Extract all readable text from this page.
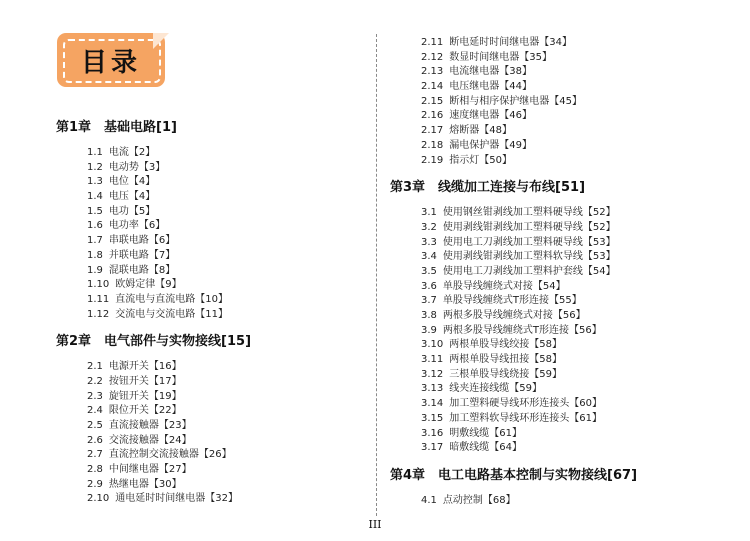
目录
第1章　基础电路[1]
1.1 电流【2】
1.2 电动势【3】
1.3 电位【4】
1.4 电压【4】
1.5 电功【5】
1.6 电功率【6】
1.7 串联电路【6】
1.8 并联电路【7】
1.9 混联电路【8】
1.10 欧姆定律【9】
1.11 直流电与直流电路【10】
1.12 交流电与交流电路【11】
第2章　电气部件与实物接线[15]
2.1 电源开关【16】
2.2 按钮开关【17】
2.3 旋钮开关【19】
2.4 限位开关【22】
2.5 直流接触器【23】
2.6 交流接触器【24】
2.7 直流控制交流接触器【26】
2.8 中间继电器【27】
2.9 热继电器【30】
2.10 通电延时时间继电器【32】
2.11 断电延时时间继电器【34】
2.12 数显时间继电器【35】
2.13 电流继电器【38】
2.14 电压继电器【44】
2.15 断相与相序保护继电器【45】
2.16 速度继电器【46】
2.17 熔断器【48】
2.18 漏电保护器【49】
2.19 指示灯【50】
第3章　线缆加工连接与布线[51]
3.1 使用钢丝钳剥线加工塑料硬导线【52】
3.2 使用剥线钳剥线加工塑料硬导线【52】
3.3 使用电工刀剥线加工塑料硬导线【53】
3.4 使用剥线钳剥线加工塑料软导线【53】
3.5 使用电工刀剥线加工塑料护套线【54】
3.6 单股导线缠绕式对接【54】
3.7 单股导线缠绕式T形连接【55】
3.8 两根多股导线缠绕式对接【56】
3.9 两根多股导线缠绕式T形连接【56】
3.10 两根单股导线绞接【58】
3.11 两根单股导线扭接【58】
3.12 三根单股导线绕接【59】
3.13 线夹连接线缆【59】
3.14 加工塑料硬导线环形连接头【60】
3.15 加工塑料软导线环形连接头【61】
3.16 明敷线缆【61】
3.17 暗敷线缆【64】
第4章　电工电路基本控制与实物接线[67]
4.1 点动控制【68】
III
